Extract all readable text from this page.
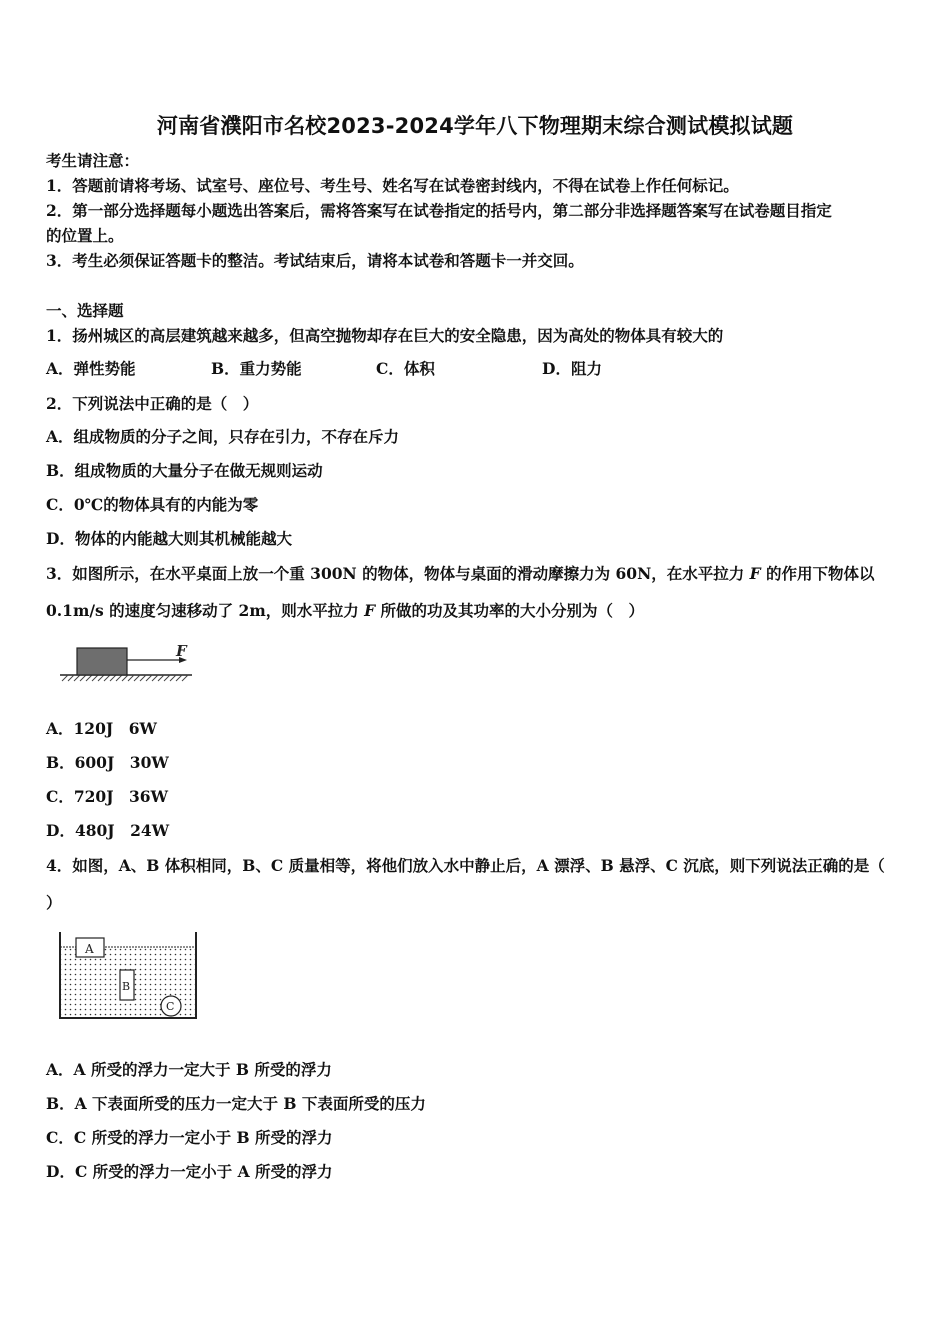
河南省濮阳市名校2023-2024学年八下物理期末综合测试模拟试题
考生请注意：
1．答题前请将考场、试室号、座位号、考生号、姓名写在试卷密封线内，不得在试卷上作任何标记。
2．第一部分选择题每小题选出答案后，需将答案写在试卷指定的括号内，第二部分非选择题答案写在试卷题目指定
的位置上。
3．考生必须保证答题卡的整洁。考试结束后，请将本试卷和答题卡一并交回。
一、选择题
1．扬州城区的高层建筑越来越多，但高空抛物却存在巨大的安全隐患，因为高处的物体具有较大的
A．弹性势能	B．重力势能	C．体积	D．阻力
2．下列说法中正确的是（　）
A．组成物质的分子之间，只存在引力，不存在斥力
B．组成物质的大量分子在做无规则运动
C．0℃的物体具有的内能为零
D．物体的内能越大则其机械能越大
3．如图所示，在水平桌面上放一个重 300N 的物体，物体与桌面的滑动摩擦力为 60N，在水平拉力 F 的作用下物体以
0.1m/s 的速度匀速移动了 2m，则水平拉力 F 所做的功及其功率的大小分别为（　）
F
A．120J　6W
B．600J　30W
C．720J　36W
D．480J　24W
4．如图，A、B 体积相同，B、C 质量相等，将他们放入水中静止后，A 漂浮、B 悬浮、C 沉底，则下列说法正确的是（
）
A
B
C
A．A 所受的浮力一定大于 B 所受的浮力
B．A 下表面所受的压力一定大于 B 下表面所受的压力
C．C 所受的浮力一定小于 B 所受的浮力
D．C 所受的浮力一定小于 A 所受的浮力
